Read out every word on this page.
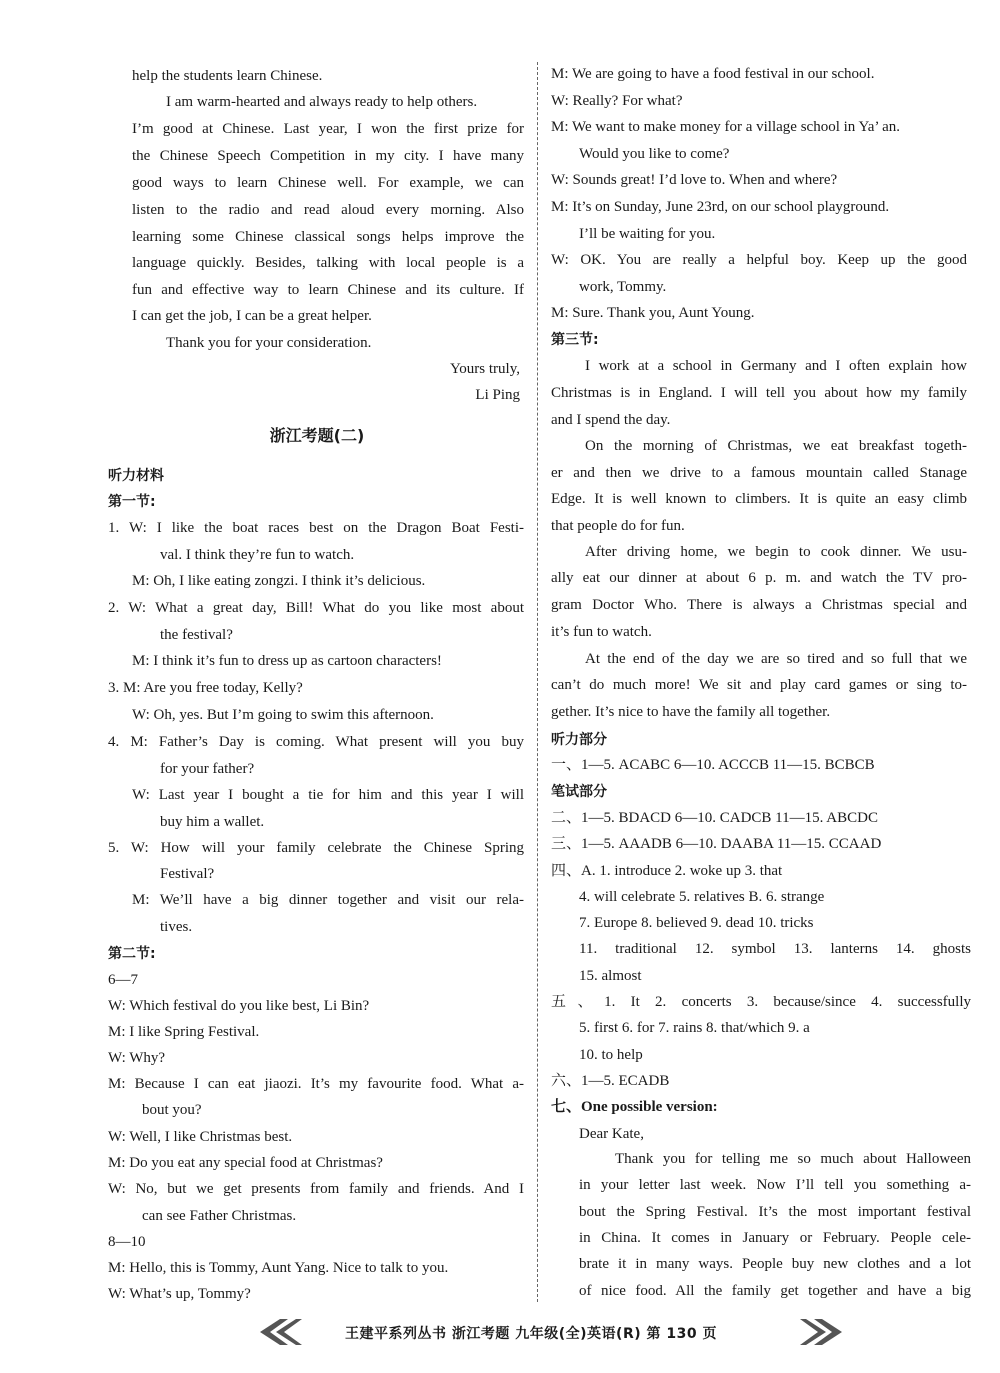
help the students learn Chinese.
I am warm-hearted and always ready to help others.
I’m good at Chinese. Last year, I won the first prize for
the Chinese Speech Competition in my city. I have many
good ways to learn Chinese well. For example, we can
listen to the radio and read aloud every morning. Also
learning some Chinese classical songs helps improve the
language quickly. Besides, talking with local people is a
fun and effective way to learn Chinese and its culture. If
I can get the job, I can be a great helper.
Thank you for your consideration.
Yours truly,
Li Ping
浙江考题(二)
听力材料
第一节:
1. W: I like the boat races best on the Dragon Boat Festi-
val. I think they’re fun to watch.
M: Oh, I like eating zongzi. I think it’s delicious.
2. W: What a great day, Bill! What do you like most about
the festival?
M: I think it’s fun to dress up as cartoon characters!
3. M: Are you free today, Kelly?
W: Oh, yes. But I’m going to swim this afternoon.
4. M: Father’s Day is coming. What present will you buy
for your father?
W: Last year I bought a tie for him and this year I will
buy him a wallet.
5. W: How will your family celebrate the Chinese Spring
Festival?
M: We’ll have a big dinner together and visit our rela-
tives.
第二节:
6—7
W: Which festival do you like best, Li Bin?
M: I like Spring Festival.
W: Why?
M: Because I can eat jiaozi. It’s my favourite food. What a-
bout you?
W: Well, I like Christmas best.
M: Do you eat any special food at Christmas?
W: No, but we get presents from family and friends. And I
can see Father Christmas.
8—10
M: Hello, this is Tommy, Aunt Yang. Nice to talk to you.
W: What’s up, Tommy?
M: We are going to have a food festival in our school.
W: Really? For what?
M: We want to make money for a village school in Ya’ an.
Would you like to come?
W: Sounds great! I’d love to. When and where?
M: It’s on Sunday, June 23rd, on our school playground.
I’ll be waiting for you.
W: OK. You are really a helpful boy. Keep up the good
work, Tommy.
M: Sure. Thank you, Aunt Young.
第三节:
I work at a school in Germany and I often explain how
Christmas is in England. I will tell you about how my family
and I spend the day.
On the morning of Christmas, we eat breakfast togeth-
er and then we drive to a famous mountain called Stanage
Edge. It is well known to climbers. It is quite an easy climb
that people do for fun.
After driving home, we begin to cook dinner. We usu-
ally eat our dinner at about 6 p. m. and watch the TV pro-
gram Doctor Who. There is always a Christmas special and
it’s fun to watch.
At the end of the day we are so tired and so full that we
can’t do much more! We sit and play card games or sing to-
gether. It’s nice to have the family all together.
听力部分
一、1—5. ACABC 6—10. ACCCB 11—15. BCBCB
笔试部分
二、1—5. BDACD 6—10. CADCB 11—15. ABCDC
三、1—5. AAADB 6—10. DAABA 11—15. CCAAD
四、A. 1. introduce 2. woke up 3. that
4. will celebrate 5. relatives B. 6. strange
7. Europe 8. believed 9. dead 10. tricks
11. traditional 12. symbol 13. lanterns 14. ghosts
15. almost
五、1. It 2. concerts 3. because/since 4. successfully
5. first 6. for 7. rains 8. that/which 9. a
10. to help
六、1—5. ECADB
七、One possible version:
Dear Kate,
Thank you for telling me so much about Halloween
in your letter last week. Now I’ll tell you something a-
bout the Spring Festival. It’s the most important festival
in China. It comes in January or February. People cele-
brate it in many ways. People buy new clothes and a lot
of nice food. All the family get together and have a big
王建平系列丛书 浙江考题 九年级(全)英语(R) 第 130 页
